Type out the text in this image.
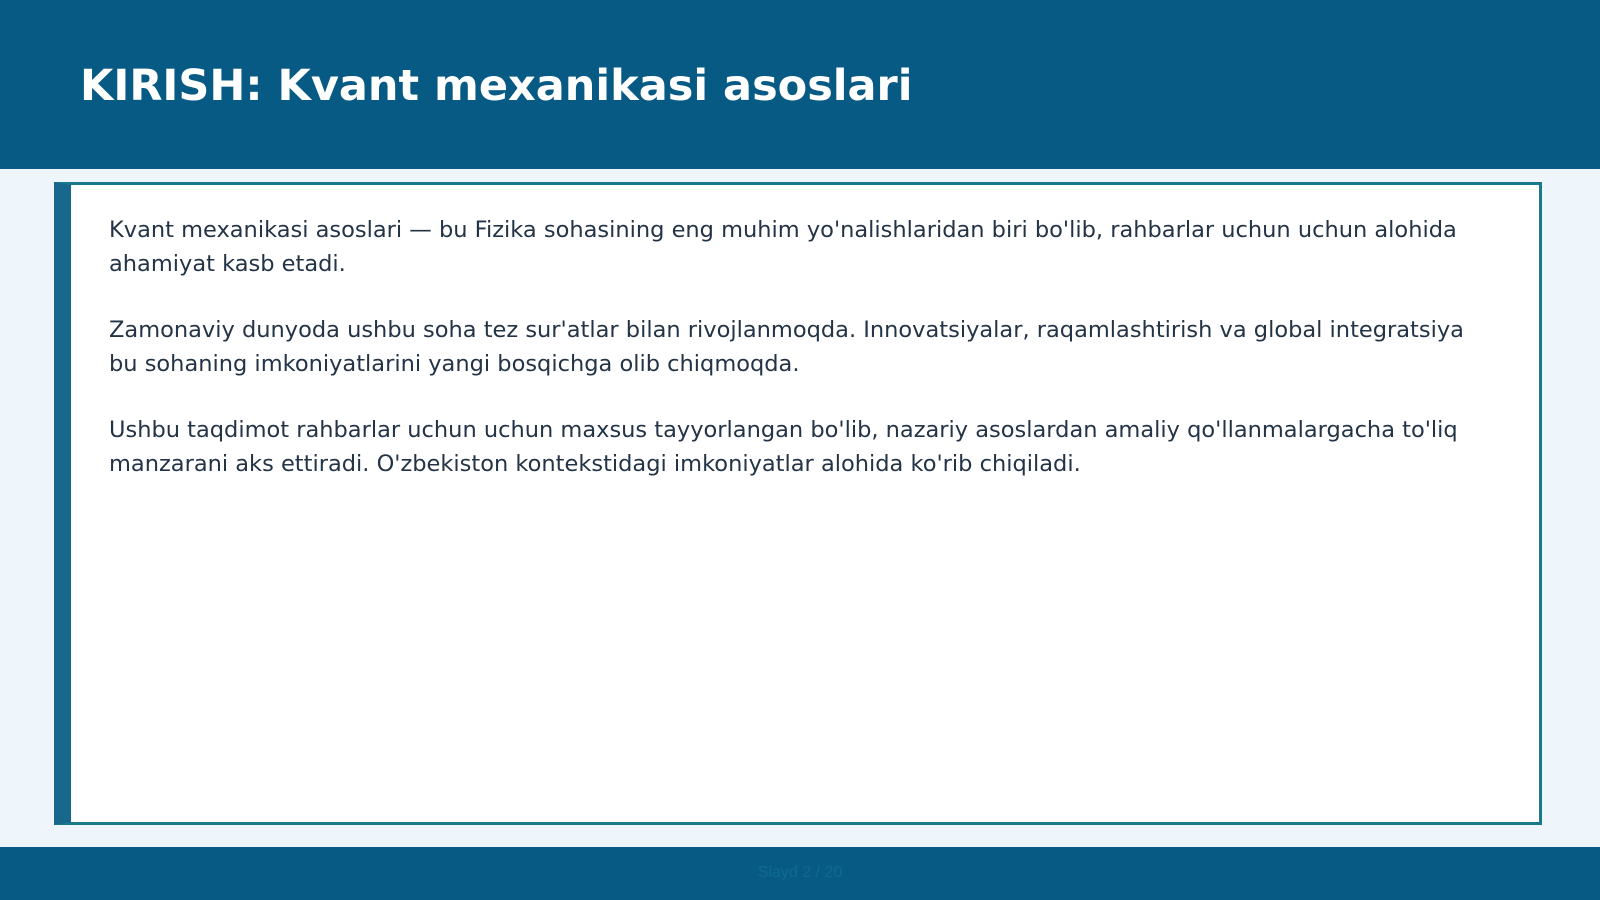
KIRISH: Kvant mexanikasi asoslari

Kvant mexanikasi asoslari — bu Fizika sohasining eng muhim yo'nalishlaridan biri bo'lib, rahbarlar uchun uchun alohida ahamiyat kasb etadi.

Zamonaviy dunyoda ushbu soha tez sur'atlar bilan rivojlanmoqda. Innovatsiyalar, raqamlashtirish va global integratsiya bu sohaning imkoniyatlarini yangi bosqichga olib chiqmoqda.

Ushbu taqdimot rahbarlar uchun uchun maxsus tayyorlangan bo'lib, nazariy asoslardan amaliy qo'llanmalargacha to'liq manzarani aks ettiradi. O'zbekiston kontekstidagi imkoniyatlar alohida ko'rib chiqiladi.

Slayd 2 / 20
